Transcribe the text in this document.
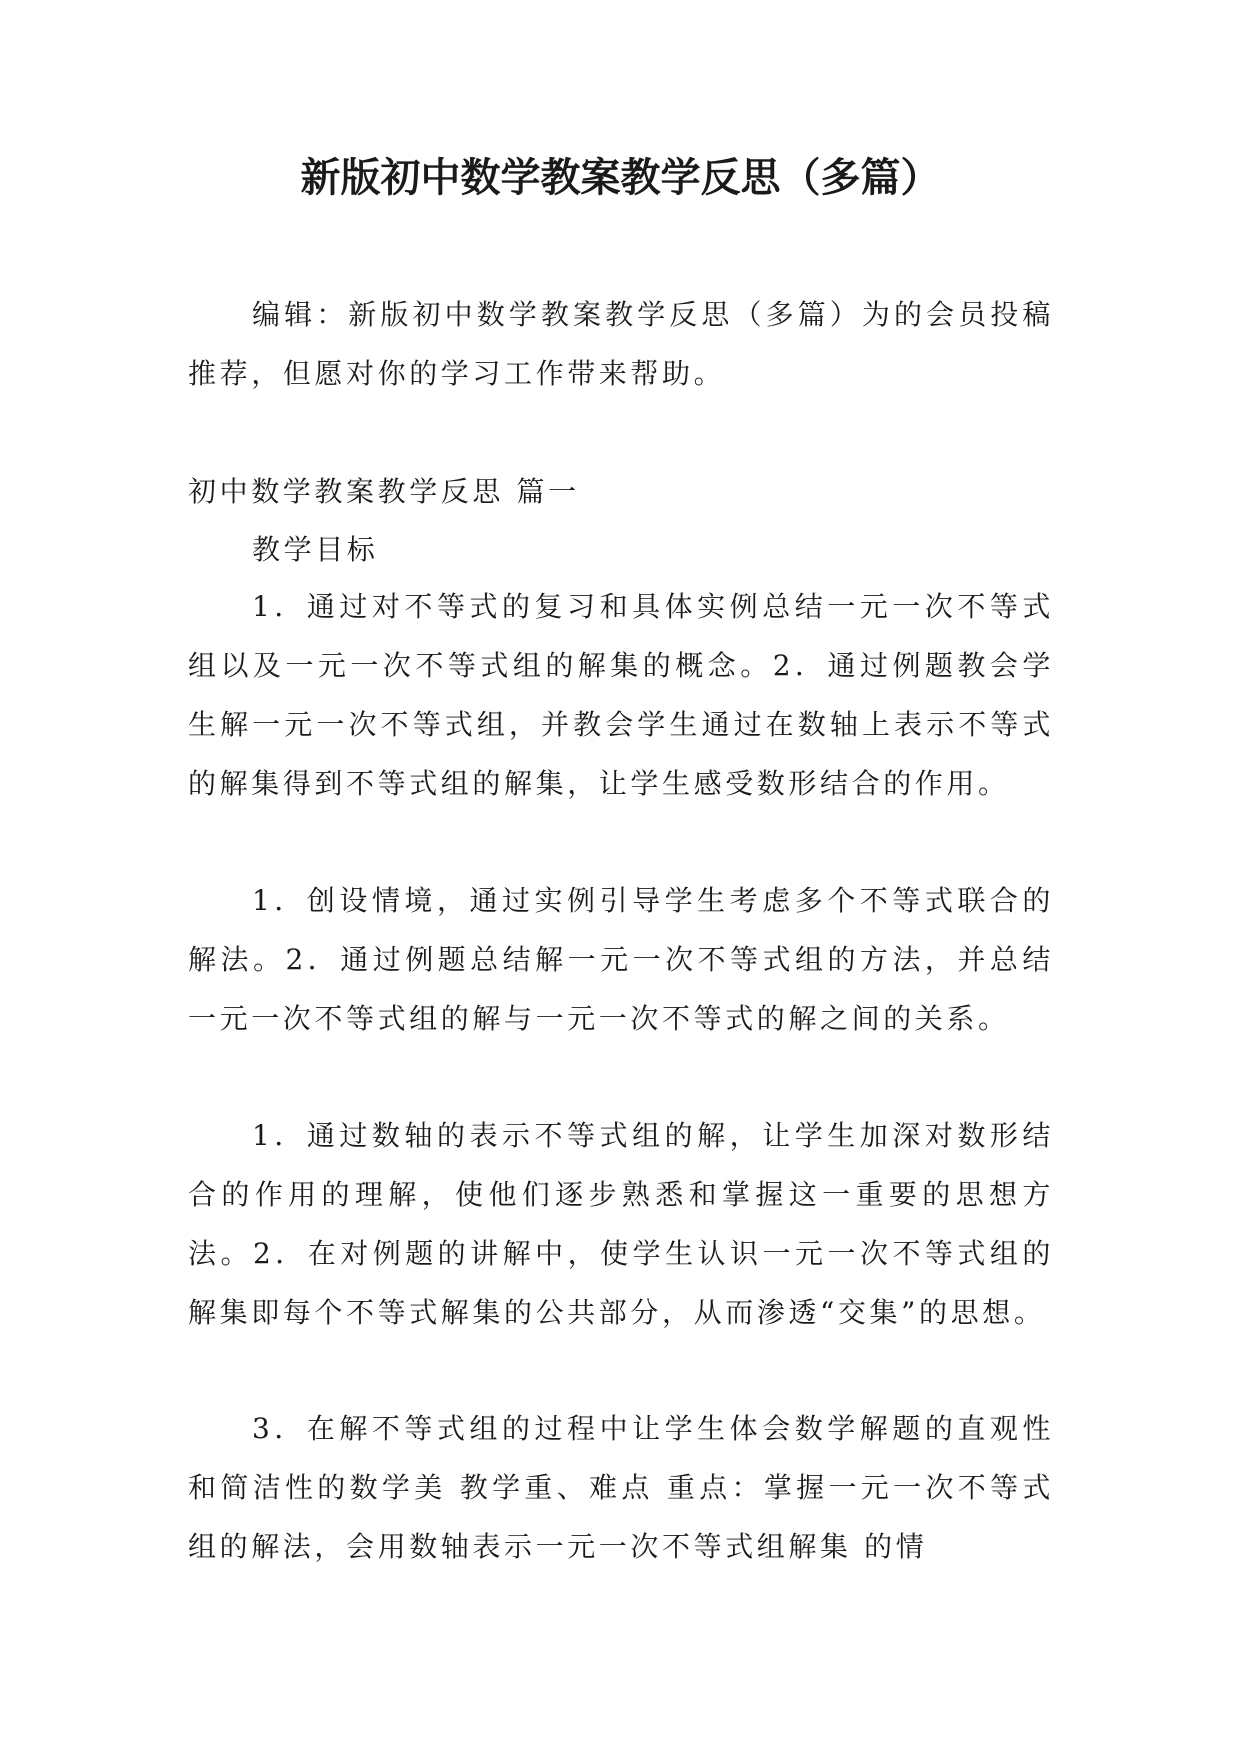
新版初中数学教案教学反思（多篇）

编辑：新版初中数学教案教学反思（多篇）为的会员投稿推荐，但愿对你的学习工作带来帮助。

初中数学教案教学反思 篇一

教学目标

1．通过对不等式的复习和具体实例总结一元一次不等式组以及一元一次不等式组的解集的概念。2．通过例题教会学生解一元一次不等式组，并教会学生通过在数轴上表示不等式的解集得到不等式组的解集，让学生感受数形结合的作用。

1．创设情境，通过实例引导学生考虑多个不等式联合的解法。2．通过例题总结解一元一次不等式组的方法，并总结一元一次不等式组的解与一元一次不等式的解之间的关系。

1．通过数轴的表示不等式组的解，让学生加深对数形结合的作用的理解，使他们逐步熟悉和掌握这一重要的思想方法。2．在对例题的讲解中，使学生认识一元一次不等式组的解集即每个不等式解集的公共部分，从而渗透“交集”的思想。

3．在解不等式组的过程中让学生体会数学解题的直观性和简洁性的数学美 教学重、难点 重点：掌握一元一次不等式组的解法，会用数轴表示一元一次不等式组解集 的情
